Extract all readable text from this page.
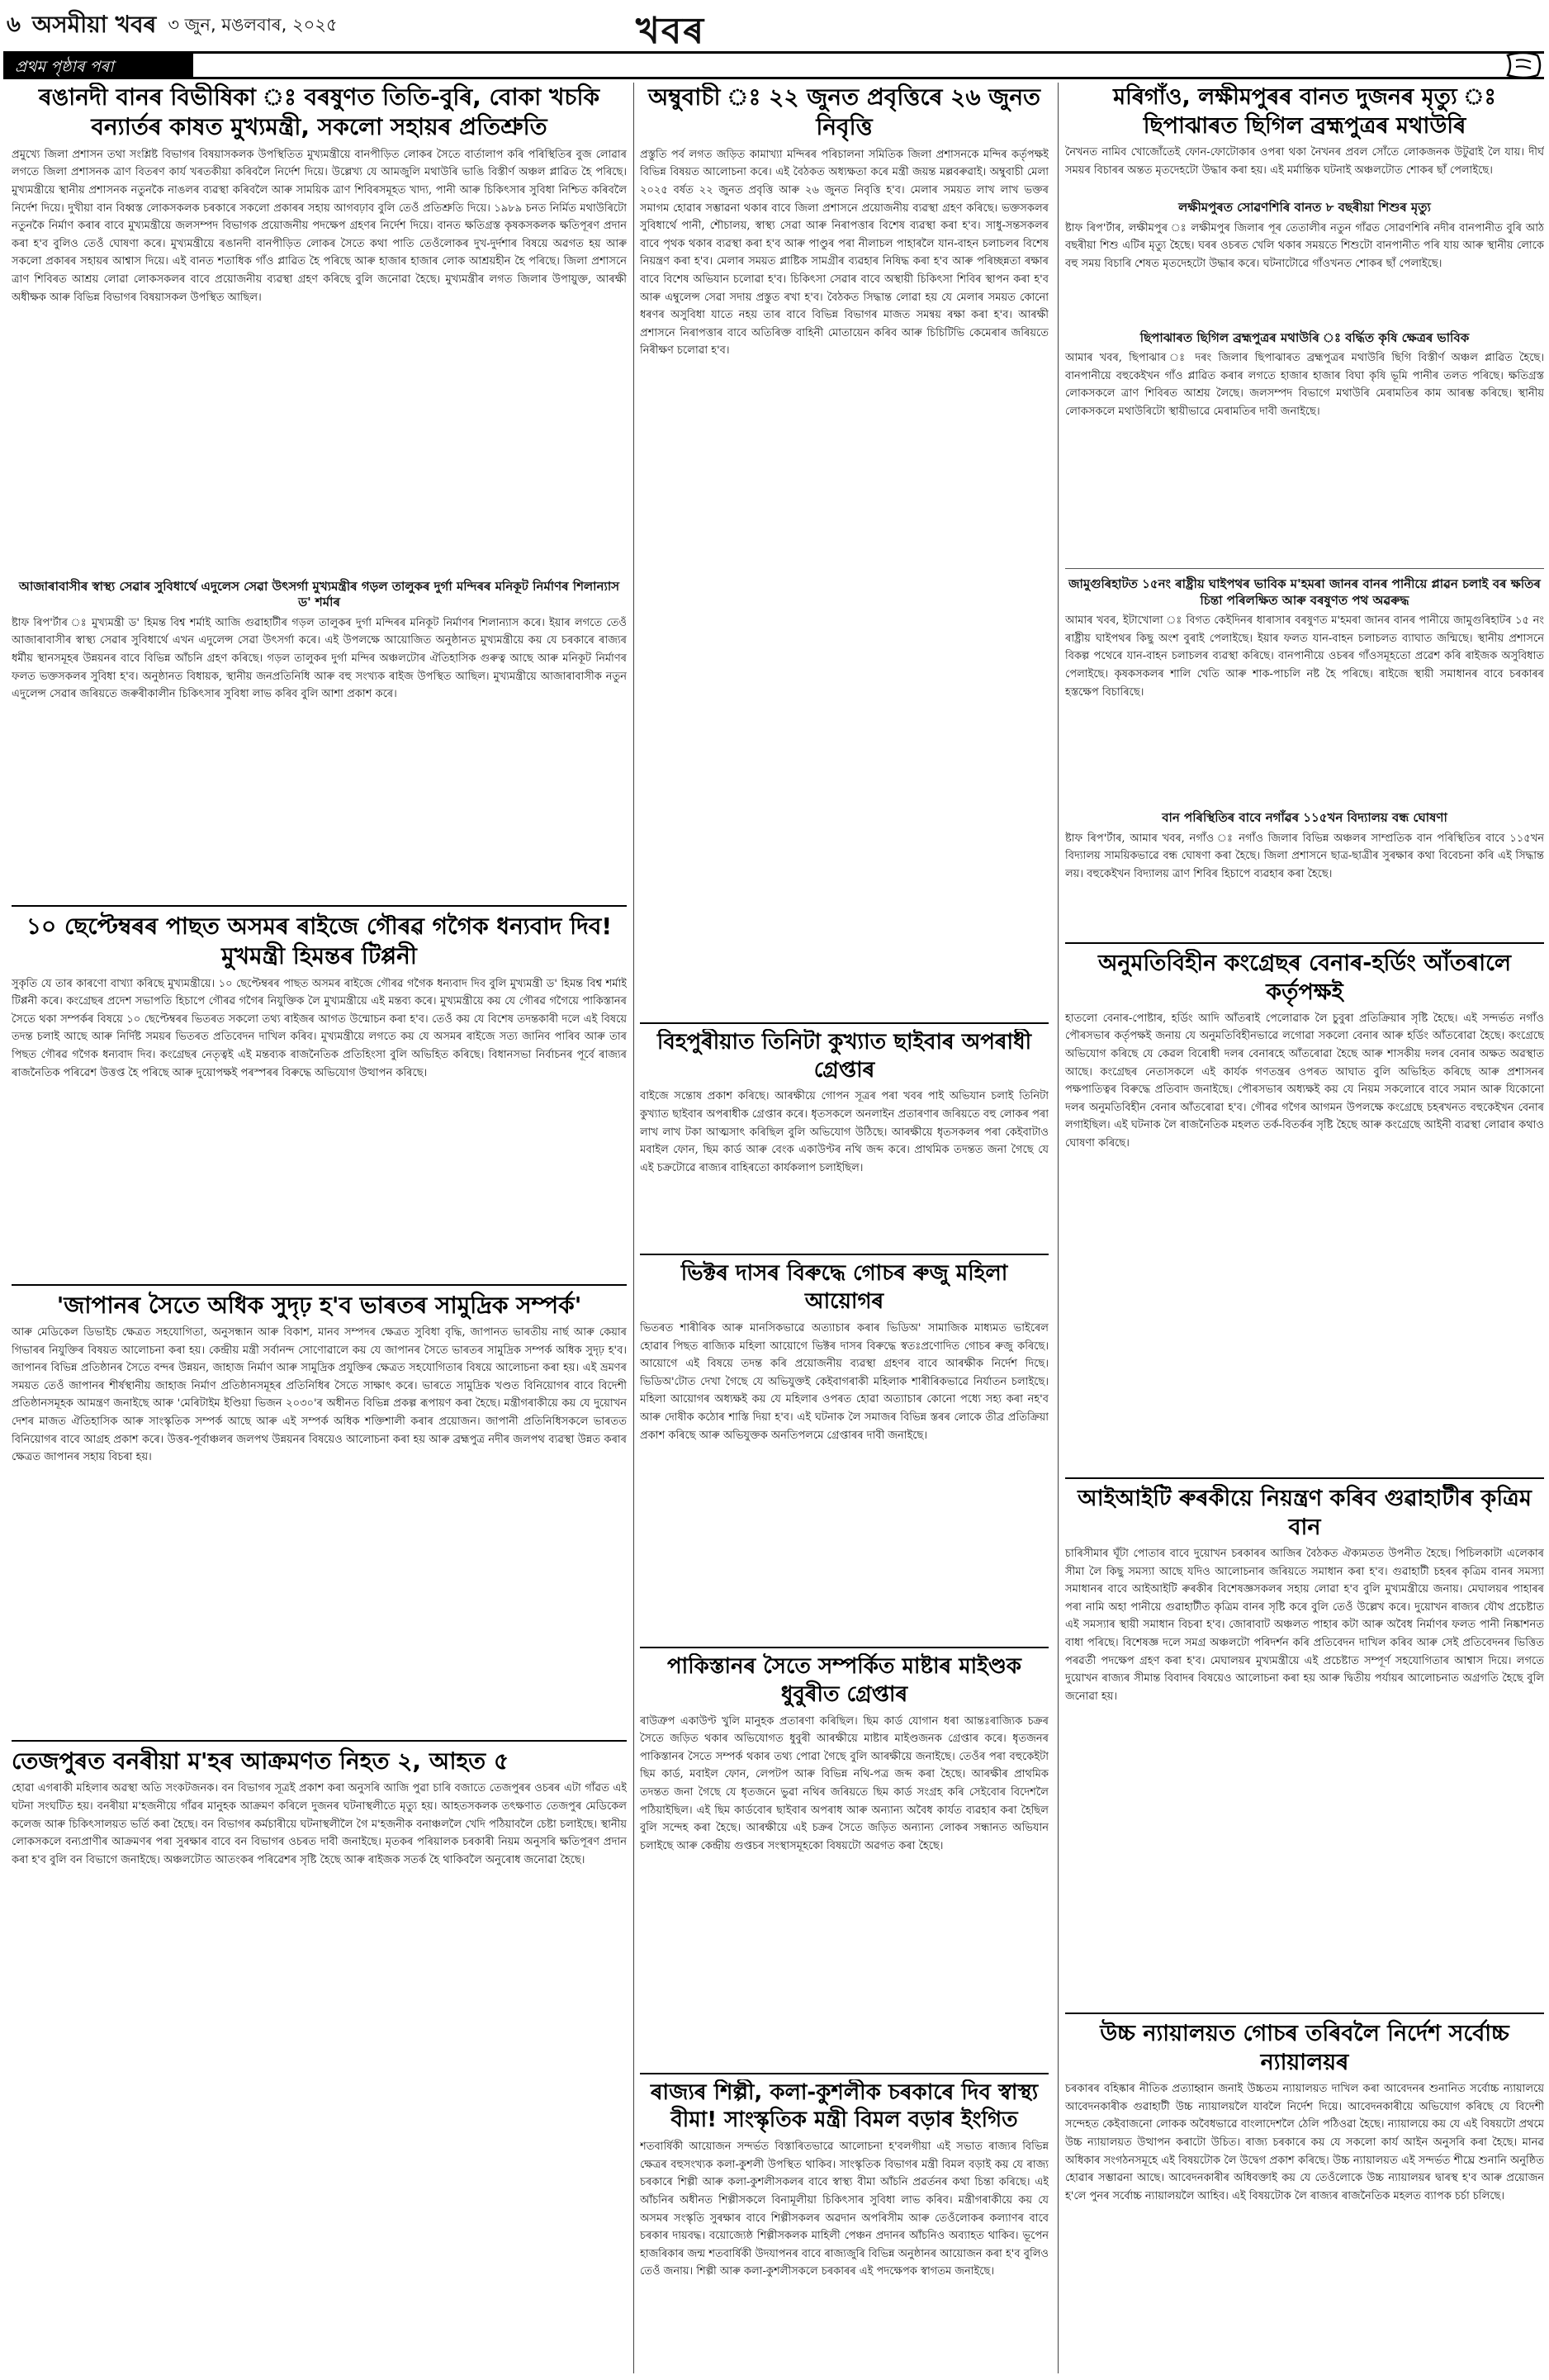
৬ অসমীয়া খবৰ ৩ জুন, মঙলবাৰ, ২০২৫	খবৰ
প্ৰথম পৃষ্ঠাৰ পৰা
ৰঙানদী বানৰ বিভীষিকা ঃ বৰষুণত তিতি-বুৰি, বোকা খচকি বন্যাৰ্তৰ কাষত মুখ্যমন্ত্ৰী, সকলো সহায়ৰ প্ৰতিশ্ৰুতি
প্ৰমুখ্যে জিলা প্ৰশাসন তথা সংশ্লিষ্ট বিভাগৰ বিষয়াসকলক উপস্থিতিত মুখ্যমন্ত্ৰীয়ে বানপীড়িত লোকৰ সৈতে বাৰ্তালাপ কৰি পৰিস্থিতিৰ বুজ লোৱাৰ লগতে জিলা প্ৰশাসনক ত্ৰাণ বিতৰণ কাৰ্য খৰতকীয়া কৰিবলৈ নিৰ্দেশ দিয়ে। উল্লেখ্য যে আমজুলি মথাউৰি ভাঙি বিস্তীৰ্ণ অঞ্চল প্লাৱিত হৈ পৰিছে। মুখ্যমন্ত্ৰীয়ে স্থানীয় প্ৰশাসনক নতুনকৈ নাঙলৰ ব্যৱস্থা কৰিবলৈ আৰু সাময়িক ত্ৰাণ শিবিৰসমূহত খাদ্য, পানী আৰু চিকিৎসাৰ সুবিধা নিশ্চিত কৰিবলৈ নিৰ্দেশ দিয়ে। দুখীয়া বান বিধ্বস্ত লোকসকলক চৰকাৰে সকলো প্ৰকাৰৰ সহায় আগবঢ়াব বুলি তেওঁ প্ৰতিশ্ৰুতি দিয়ে। ১৯৮৯ চনত নিৰ্মিত মথাউৰিটো নতুনকৈ নিৰ্মাণ কৰাৰ বাবে মুখ্যমন্ত্ৰীয়ে জলসম্পদ বিভাগক প্ৰয়োজনীয় পদক্ষেপ গ্ৰহণৰ নিৰ্দেশ দিয়ে। বানত ক্ষতিগ্ৰস্ত কৃষকসকলক ক্ষতিপূৰণ প্ৰদান কৰা হ'ব বুলিও তেওঁ ঘোষণা কৰে। মুখ্যমন্ত্ৰীয়ে ৰঙানদী বানপীড়িত লোকৰ সৈতে কথা পাতি তেওঁলোকৰ দুখ-দুৰ্দশাৰ বিষয়ে অৱগত হয় আৰু সকলো প্ৰকাৰৰ সহায়ৰ আশ্বাস দিয়ে। এই বানত শতাধিক গাঁও প্লাৱিত হৈ পৰিছে আৰু হাজাৰ হাজাৰ লোক আশ্ৰয়হীন হৈ পৰিছে। জিলা প্ৰশাসনে ত্ৰাণ শিবিৰত আশ্ৰয় লোৱা লোকসকলৰ বাবে প্ৰয়োজনীয় ব্যৱস্থা গ্ৰহণ কৰিছে বুলি জনোৱা হৈছে। মুখ্যমন্ত্ৰীৰ লগত জিলাৰ উপায়ুক্ত, আৰক্ষী অধীক্ষক আৰু বিভিন্ন বিভাগৰ বিষয়াসকল উপস্থিত আছিল।
আজাৰাবাসীৰ স্বাস্থ্য সেৱাৰ সুবিধাৰ্থে এদুলেস সেৱা উৎসৰ্গা মুখ্যমন্ত্ৰীৰ গড়ল তালুকৰ দুৰ্গা মন্দিৰৰ মনিকূট নিৰ্মাণৰ শিলান্যাস ড' শৰ্মাৰ
ষ্টাফ ৰিপ'ৰ্টাৰ ঃ মুখ্যমন্ত্ৰী ড' হিমন্ত বিশ্ব শৰ্মাই আজি গুৱাহাটীৰ গড়ল তালুকৰ দুৰ্গা মন্দিৰৰ মনিকূট নিৰ্মাণৰ শিলান্যাস কৰে। ইয়াৰ লগতে তেওঁ আজাৰাবাসীৰ স্বাস্থ্য সেৱাৰ সুবিধাৰ্থে এখন এদুলেন্স সেৱা উৎসৰ্গা কৰে। এই উপলক্ষে আয়োজিত অনুষ্ঠানত মুখ্যমন্ত্ৰীয়ে কয় যে চৰকাৰে ৰাজ্যৰ ধৰ্মীয় স্থানসমূহৰ উন্নয়নৰ বাবে বিভিন্ন আঁচনি গ্ৰহণ কৰিছে। গড়ল তালুকৰ দুৰ্গা মন্দিৰ অঞ্চলটোৰ ঐতিহাসিক গুৰুত্ব আছে আৰু মনিকূট নিৰ্মাণৰ ফলত ভক্তসকলৰ সুবিধা হ'ব। অনুষ্ঠানত বিধায়ক, স্থানীয় জনপ্ৰতিনিধি আৰু বহু সংখ্যক ৰাইজ উপস্থিত আছিল। মুখ্যমন্ত্ৰীয়ে আজাৰাবাসীক নতুন এদুলেন্স সেৱাৰ জৰিয়তে জৰুৰীকালীন চিকিৎসাৰ সুবিধা লাভ কৰিব বুলি আশা প্ৰকাশ কৰে।
১০ ছেপ্টেম্বৰৰ পাছত অসমৰ ৰাইজে গৌৰৱ গগৈক ধন্যবাদ দিব! মুখমন্ত্ৰী হিমন্তৰ টিপ্পনী
সুকৃতি যে তাৰ কাৰণো বাখ্যা কৰিছে মুখ্যমন্ত্ৰীয়ে। ১০ ছেপ্টেম্বৰৰ পাছত অসমৰ ৰাইজে গৌৰৱ গগৈক ধন্যবাদ দিব বুলি মুখ্যমন্ত্ৰী ড' হিমন্ত বিশ্ব শৰ্মাই টিপ্পনী কৰে। কংগ্ৰেছৰ প্ৰদেশ সভাপতি হিচাপে গৌৰৱ গগৈৰ নিযুক্তিক লৈ মুখ্যমন্ত্ৰীয়ে এই মন্তব্য কৰে। মুখ্যমন্ত্ৰীয়ে কয় যে গৌৰৱ গগৈয়ে পাকিস্তানৰ সৈতে থকা সম্পৰ্কৰ বিষয়ে ১০ ছেপ্টেম্বৰৰ ভিতৰত সকলো তথ্য ৰাইজৰ আগত উন্মোচন কৰা হ'ব। তেওঁ কয় যে বিশেষ তদন্তকাৰী দলে এই বিষয়ে তদন্ত চলাই আছে আৰু নিৰ্দিষ্ট সময়ৰ ভিতৰত প্ৰতিবেদন দাখিল কৰিব। মুখ্যমন্ত্ৰীয়ে লগতে কয় যে অসমৰ ৰাইজে সত্য জানিব পাৰিব আৰু তাৰ পিছত গৌৰৱ গগৈক ধন্যবাদ দিব। কংগ্ৰেছৰ নেতৃত্বই এই মন্তব্যক ৰাজনৈতিক প্ৰতিহিংসা বুলি অভিহিত কৰিছে। বিধানসভা নিৰ্বাচনৰ পূৰ্বে ৰাজ্যৰ ৰাজনৈতিক পৰিৱেশ উত্তপ্ত হৈ পৰিছে আৰু দুয়োপক্ষই পৰস্পৰৰ বিৰুদ্ধে অভিযোগ উত্থাপন কৰিছে।
'জাপানৰ সৈতে অধিক সুদৃঢ় হ'ব ভাৰতৰ সামুদ্ৰিক সম্পৰ্ক'
আৰু মেডিকেল ডিভাইচ ক্ষেত্ৰত সহযোগিতা, অনুসন্ধান আৰু বিকাশ, মানব সম্পদৰ ক্ষেত্ৰত সুবিধা বৃদ্ধি, জাপানত ভাৰতীয় নাৰ্ছ আৰু কেয়াৰ গিভাৰৰ নিযুক্তিৰ বিষয়ত আলোচনা কৰা হয়। কেন্দ্ৰীয় মন্ত্ৰী সৰ্বানন্দ সোণোৱালে কয় যে জাপানৰ সৈতে ভাৰতৰ সামুদ্ৰিক সম্পৰ্ক অধিক সুদৃঢ় হ'ব। জাপানৰ বিভিন্ন প্ৰতিষ্ঠানৰ সৈতে বন্দৰ উন্নয়ন, জাহাজ নিৰ্মাণ আৰু সামুদ্ৰিক প্ৰযুক্তিৰ ক্ষেত্ৰত সহযোগিতাৰ বিষয়ে আলোচনা কৰা হয়। এই ভ্ৰমণৰ সময়ত তেওঁ জাপানৰ শীৰ্ষস্থানীয় জাহাজ নিৰ্মাণ প্ৰতিষ্ঠানসমূহৰ প্ৰতিনিধিৰ সৈতে সাক্ষাৎ কৰে। ভাৰতে সামুদ্ৰিক খণ্ডত বিনিয়োগৰ বাবে বিদেশী প্ৰতিষ্ঠানসমূহক আমন্ত্ৰণ জনাইছে আৰু 'মেৰিটাইম ইণ্ডিয়া ভিজন ২০৩০'ৰ অধীনত বিভিন্ন প্ৰকল্প ৰূপায়ণ কৰা হৈছে। মন্ত্ৰীগৰাকীয়ে কয় যে দুয়োখন দেশৰ মাজত ঐতিহাসিক আৰু সাংস্কৃতিক সম্পৰ্ক আছে আৰু এই সম্পৰ্ক অধিক শক্তিশালী কৰাৰ প্ৰয়োজন। জাপানী প্ৰতিনিধিসকলে ভাৰতত বিনিয়োগৰ বাবে আগ্ৰহ প্ৰকাশ কৰে। উত্তৰ-পূৰ্বাঞ্চলৰ জলপথ উন্নয়নৰ বিষয়েও আলোচনা কৰা হয় আৰু ব্ৰহ্মপুত্ৰ নদীৰ জলপথ ব্যৱস্থা উন্নত কৰাৰ ক্ষেত্ৰত জাপানৰ সহায় বিচৰা হয়।
তেজপুৰত বনৰীয়া ম'হৰ আক্ৰমণত নিহত ২, আহত ৫
হোৱা এগৰাকী মহিলাৰ অৱস্থা অতি সংকটজনক। বন বিভাগৰ সূত্ৰই প্ৰকাশ কৰা অনুসৰি আজি পুৱা চাৰি বজাতে তেজপুৰৰ ওচৰৰ এটা গাঁৱত এই ঘটনা সংঘটিত হয়। বনৰীয়া ম'হজনীয়ে গাঁৱৰ মানুহক আক্ৰমণ কৰিলে দুজনৰ ঘটনাস্থলীতে মৃত্যু হয়। আহতসকলক তৎক্ষণাত তেজপুৰ মেডিকেল কলেজ আৰু চিকিৎসালয়ত ভৰ্তি কৰা হৈছে। বন বিভাগৰ কৰ্মচাৰীয়ে ঘটনাস্থলীলৈ গৈ ম'হজনীক বনাঞ্চললৈ খেদি পঠিয়াবলৈ চেষ্টা চলাইছে। স্থানীয় লোকসকলে বন্যপ্ৰাণীৰ আক্ৰমণৰ পৰা সুৰক্ষাৰ বাবে বন বিভাগৰ ওচৰত দাবী জনাইছে। মৃতকৰ পৰিয়ালক চৰকাৰী নিয়ম অনুসৰি ক্ষতিপূৰণ প্ৰদান কৰা হ'ব বুলি বন বিভাগে জনাইছে। অঞ্চলটোত আতংকৰ পৰিৱেশৰ সৃষ্টি হৈছে আৰু ৰাইজক সতৰ্ক হৈ থাকিবলৈ অনুৰোধ জনোৱা হৈছে।
অম্বুবাচী ঃ ২২ জুনত প্ৰবৃত্তিৰে ২৬ জুনত নিবৃত্তি
প্ৰস্তুতি পৰ্ব লগত জড়িত কামাখ্যা মন্দিৰৰ পৰিচালনা সমিতিক জিলা প্ৰশাসনকে মন্দিৰ কৰ্তৃপক্ষই বিভিন্ন বিষয়ত আলোচনা কৰে। এই বৈঠকত অধ্যক্ষতা কৰে মন্ত্ৰী জয়ন্ত মল্লবৰুৱাই। অম্বুবাচী মেলা ২০২৫ বৰ্ষত ২২ জুনত প্ৰবৃত্তি আৰু ২৬ জুনত নিবৃত্তি হ'ব। মেলাৰ সময়ত লাখ লাখ ভক্তৰ সমাগম হোৱাৰ সম্ভাৱনা থকাৰ বাবে জিলা প্ৰশাসনে প্ৰয়োজনীয় ব্যৱস্থা গ্ৰহণ কৰিছে। ভক্তসকলৰ সুবিধাৰ্থে পানী, শৌচালয়, স্বাস্থ্য সেৱা আৰু নিৰাপত্তাৰ বিশেষ ব্যৱস্থা কৰা হ'ব। সাধু-সন্তসকলৰ বাবে পৃথক থকাৰ ব্যৱস্থা কৰা হ'ব আৰু পাণ্ডুৰ পৰা নীলাচল পাহাৰলৈ যান-বাহন চলাচলৰ বিশেষ নিয়ন্ত্ৰণ কৰা হ'ব। মেলাৰ সময়ত প্লাষ্টিক সামগ্ৰীৰ ব্যৱহাৰ নিষিদ্ধ কৰা হ'ব আৰু পৰিচ্ছন্নতা ৰক্ষাৰ বাবে বিশেষ অভিযান চলোৱা হ'ব। চিকিৎসা সেৱাৰ বাবে অস্থায়ী চিকিৎসা শিবিৰ স্থাপন কৰা হ'ব আৰু এম্বুলেন্স সেৱা সদায় প্ৰস্তুত ৰখা হ'ব। বৈঠকত সিদ্ধান্ত লোৱা হয় যে মেলাৰ সময়ত কোনো ধৰণৰ অসুবিধা যাতে নহয় তাৰ বাবে বিভিন্ন বিভাগৰ মাজত সমন্বয় ৰক্ষা কৰা হ'ব। আৰক্ষী প্ৰশাসনে নিৰাপত্তাৰ বাবে অতিৰিক্ত বাহিনী মোতায়েন কৰিব আৰু চিচিটিভি কেমেৰাৰ জৰিয়তে নিৰীক্ষণ চলোৱা হ'ব।
বিহপুৰীয়াত তিনিটা কুখ্যাত ছাইবাৰ অপৰাধী গ্ৰেপ্তাৰ
বাইজে সন্তোষ প্ৰকাশ কৰিছে। আৰক্ষীয়ে গোপন সূত্ৰৰ পৰা খবৰ পাই অভিযান চলাই তিনিটা কুখ্যাত ছাইবাৰ অপৰাধীক গ্ৰেপ্তাৰ কৰে। ধৃতসকলে অনলাইন প্ৰতাৰণাৰ জৰিয়তে বহু লোকৰ পৰা লাখ লাখ টকা আত্মসাৎ কৰিছিল বুলি অভিযোগ উঠিছে। আৰক্ষীয়ে ধৃতসকলৰ পৰা কেইবাটাও মবাইল ফোন, ছিম কাৰ্ড আৰু বেংক একাউণ্টৰ নথি জব্দ কৰে। প্ৰাথমিক তদন্তত জনা গৈছে যে এই চক্ৰটোৱে ৰাজ্যৰ বাহিৰতো কাৰ্যকলাপ চলাইছিল।
ভিক্টৰ দাসৰ বিৰুদ্ধে গোচৰ ৰুজু মহিলা আয়োগৰ
ভিতৰত শাৰীৰিক আৰু মানসিকভাৱে অত্যাচাৰ কৰাৰ ভিডিঅ' সামাজিক মাধ্যমত ভাইৰেল হোৱাৰ পিছত ৰাজ্যিক মহিলা আয়োগে ভিক্টৰ দাসৰ বিৰুদ্ধে স্বতঃপ্ৰণোদিত গোচৰ ৰুজু কৰিছে। আয়োগে এই বিষয়ে তদন্ত কৰি প্ৰয়োজনীয় ব্যৱস্থা গ্ৰহণৰ বাবে আৰক্ষীক নিৰ্দেশ দিছে। ভিডিঅ'টোত দেখা গৈছে যে অভিযুক্তই কেইবাগৰাকী মহিলাক শাৰীৰিকভাৱে নিৰ্যাতন চলাইছে। মহিলা আয়োগৰ অধ্যক্ষই কয় যে মহিলাৰ ওপৰত হোৱা অত্যাচাৰ কোনো পধ্যে সহ্য কৰা নহ'ব আৰু দোষীক কঠোৰ শাস্তি দিয়া হ'ব। এই ঘটনাক লৈ সমাজৰ বিভিন্ন স্তৰৰ লোকে তীব্ৰ প্ৰতিক্ৰিয়া প্ৰকাশ কৰিছে আৰু অভিযুক্তক অনতিপলমে গ্ৰেপ্তাৰৰ দাবী জনাইছে।
পাকিস্তানৰ সৈতে সম্পৰ্কিত মাষ্টাৰ মাইণ্ডক ধুবুৰীত গ্ৰেপ্তাৰ
ৰাউত্ৰুপ একাউণ্ট খুলি মানুহক প্ৰতাৰণা কৰিছিল। ছিম কাৰ্ড যোগান ধৰা আন্তঃৰাজ্যিক চক্ৰৰ সৈতে জড়িত থকাৰ অভিযোগত ধুবুৰী আৰক্ষীয়ে মাষ্টাৰ মাইণ্ডজনক গ্ৰেপ্তাৰ কৰে। ধৃতজনৰ পাকিস্তানৰ সৈতে সম্পৰ্ক থকাৰ তথ্য পোৱা গৈছে বুলি আৰক্ষীয়ে জনাইছে। তেওঁৰ পৰা বহুকেইটা ছিম কাৰ্ড, মবাইল ফোন, লেপটপ আৰু বিভিন্ন নথি-পত্ৰ জব্দ কৰা হৈছে। আৰক্ষীৰ প্ৰাথমিক তদন্তত জনা গৈছে যে ধৃতজনে ভুৱা নথিৰ জৰিয়তে ছিম কাৰ্ড সংগ্ৰহ কৰি সেইবোৰ বিদেশলৈ পঠিয়াইছিল। এই ছিম কাৰ্ডবোৰ ছাইবাৰ অপৰাধ আৰু অন্যান্য অবৈধ কাৰ্যত ব্যৱহাৰ কৰা হৈছিল বুলি সন্দেহ কৰা হৈছে। আৰক্ষীয়ে এই চক্ৰৰ সৈতে জড়িত অন্যান্য লোকৰ সন্ধানত অভিযান চলাইছে আৰু কেন্দ্ৰীয় গুপ্তচৰ সংস্থাসমূহকো বিষয়টো অৱগত কৰা হৈছে।
ৰাজ্যৰ শিল্পী, কলা-কুশলীক চৰকাৰে দিব স্বাস্থ্য বীমা! সাংস্কৃতিক মন্ত্ৰী বিমল বড়াৰ ইংগিত
শতবাৰ্ষিকী আয়োজন সন্দৰ্ভত বিস্তাৰিতভাৱে আলোচনা হ'বলগীয়া এই সভাত ৰাজ্যৰ বিভিন্ন ক্ষেত্ৰৰ বহুসংখ্যক কলা-কুশলী উপস্থিত থাকিব। সাংস্কৃতিক বিভাগৰ মন্ত্ৰী বিমল বড়াই কয় যে ৰাজ্য চৰকাৰে শিল্পী আৰু কলা-কুশলীসকলৰ বাবে স্বাস্থ্য বীমা আঁচনি প্ৰৱৰ্তনৰ কথা চিন্তা কৰিছে। এই আঁচনিৰ অধীনত শিল্পীসকলে বিনামূলীয়া চিকিৎসাৰ সুবিধা লাভ কৰিব। মন্ত্ৰীগৰাকীয়ে কয় যে অসমৰ সংস্কৃতি সুৰক্ষাৰ বাবে শিল্পীসকলৰ অৱদান অপৰিসীম আৰু তেওঁলোকৰ কল্যাণৰ বাবে চৰকাৰ দায়বদ্ধ। বয়োজ্যেষ্ঠ শিল্পীসকলক মাহিলী পেঞ্চন প্ৰদানৰ আঁচনিও অব্যাহত থাকিব। ভূপেন হাজৰিকাৰ জন্ম শতবাৰ্ষিকী উদযাপনৰ বাবে ৰাজ্যজুৰি বিভিন্ন অনুষ্ঠানৰ আয়োজন কৰা হ'ব বুলিও তেওঁ জনায়। শিল্পী আৰু কলা-কুশলীসকলে চৰকাৰৰ এই পদক্ষেপক স্বাগতম জনাইছে।
মৰিগাঁও, লক্ষীমপুৰৰ বানত দুজনৰ মৃত্যু ঃ ছিপাঝাৰত ছিগিল ব্ৰহ্মপুত্ৰৰ মথাউৰি
নৈখনত নামিব খোজোঁতেই ফোন-ফোটোকাৰ ওপৰা থকা নৈখনৰ প্ৰবল সোঁতে লোকজনক উটুৱাই লৈ যায়। দীৰ্ঘ সময়ৰ বিচাৰৰ অন্তত মৃতদেহটো উদ্ধাৰ কৰা হয়। এই মৰ্মান্তিক ঘটনাই অঞ্চলটোত শোকৰ ছাঁ পেলাইছে।
লক্ষীমপুৰত সোৱণশিৰি বানত ৮ বছৰীয়া শিশুৰ মৃত্যু
ষ্টাফ ৰিপ'ৰ্টাৰ, লক্ষীমপুৰ ঃ লক্ষীমপুৰ জিলাৰ পূৰ তেতালীৰ নতুন গাঁৱত সোৱণশিৰি নদীৰ বানপানীত বুৰি আঠ বছৰীয়া শিশু এটিৰ মৃত্যু হৈছে। ঘৰৰ ওচৰত খেলি থকাৰ সময়তে শিশুটো বানপানীত পৰি যায় আৰু স্থানীয় লোকে বহু সময় বিচাৰি শেষত মৃতদেহটো উদ্ধাৰ কৰে। ঘটনাটোৱে গাঁওখনত শোকৰ ছাঁ পেলাইছে।
ছিপাঝাৰত ছিগিল ব্ৰহ্মপুত্ৰৰ মথাউৰি ঃ বৰ্দ্ধিত কৃষি ক্ষেত্ৰৰ ভাবিক
আমাৰ খবৰ, ছিপাঝাৰ ঃ দৰং জিলাৰ ছিপাঝাৰত ব্ৰহ্মপুত্ৰৰ মথাউৰি ছিগি বিস্তীৰ্ণ অঞ্চল প্লাৱিত হৈছে। বানপানীয়ে বহুকেইখন গাঁও প্লাৱিত কৰাৰ লগতে হাজাৰ হাজাৰ বিঘা কৃষি ভূমি পানীৰ তলত পৰিছে। ক্ষতিগ্ৰস্ত লোকসকলে ত্ৰাণ শিবিৰত আশ্ৰয় লৈছে। জলসম্পদ বিভাগে মথাউৰি মেৰামতিৰ কাম আৰম্ভ কৰিছে। স্থানীয় লোকসকলে মথাউৰিটো স্থায়ীভাৱে মেৰামতিৰ দাবী জনাইছে।
জামুগুৰিহাটত ১৫নং ৰাষ্ট্ৰীয় ঘাইপথৰ ভাবিক ম'হমৰা জানৰ বানৰ পানীয়ে প্লাৱন চলাই বৰ ক্ষতিৰ চিন্তা পৰিলক্ষিত আৰু বৰষুণত পথ অৱৰুদ্ধ
আমাৰ খবৰ, ইটাখোলা ঃ বিগত কেইদিনৰ ধাৰাসাৰ বৰষুণত ম'হমৰা জানৰ বানৰ পানীয়ে জামুগুৰিহাটৰ ১৫ নং ৰাষ্ট্ৰীয় ঘাইপথৰ কিছু অংশ বুৰাই পেলাইছে। ইয়াৰ ফলত যান-বাহন চলাচলত ব্যাঘাত জন্মিছে। স্থানীয় প্ৰশাসনে বিকল্প পথেৰে যান-বাহন চলাচলৰ ব্যৱস্থা কৰিছে। বানপানীয়ে ওচৰৰ গাঁওসমূহতো প্ৰৱেশ কৰি ৰাইজক অসুবিধাত পেলাইছে। কৃষকসকলৰ শালি খেতি আৰু শাক-পাচলি নষ্ট হৈ পৰিছে। ৰাইজে স্থায়ী সমাধানৰ বাবে চৰকাৰৰ হস্তক্ষেপ বিচাৰিছে।
বান পৰিস্থিতিৰ বাবে নগাঁৱৰ ১১৫খন বিদ্যালয় বন্ধ ঘোষণা
ষ্টাফ ৰিপ'ৰ্টাৰ, আমাৰ খবৰ, নগাঁও ঃ নগাঁও জিলাৰ বিভিন্ন অঞ্চলৰ সাম্প্ৰতিক বান পৰিস্থিতিৰ বাবে ১১৫খন বিদ্যালয় সাময়িকভাৱে বন্ধ ঘোষণা কৰা হৈছে। জিলা প্ৰশাসনে ছাত্ৰ-ছাত্ৰীৰ সুৰক্ষাৰ কথা বিবেচনা কৰি এই সিদ্ধান্ত লয়। বহুকেইখন বিদ্যালয় ত্ৰাণ শিবিৰ হিচাপে ব্যৱহাৰ কৰা হৈছে।
অনুমতিবিহীন কংগ্ৰেছৰ বেনাৰ-হৰ্ডিং আঁতৰালে কৰ্তৃপক্ষই
হাতলো বেনাৰ-পোষ্টাৰ, হৰ্ডিং আদি আঁতৰাই পেলোৱাক লৈ চুবুৰা প্ৰতিক্ৰিয়াৰ সৃষ্টি হৈছে। এই সন্দৰ্ভত নগাঁও পৌৰসভাৰ কৰ্তৃপক্ষই জনায় যে অনুমতিবিহীনভাৱে লগোৱা সকলো বেনাৰ আৰু হৰ্ডিং আঁতৰোৱা হৈছে। কংগ্ৰেছে অভিযোগ কৰিছে যে কেৱল বিৰোধী দলৰ বেনাৰহে আঁতৰোৱা হৈছে আৰু শাসকীয় দলৰ বেনাৰ অক্ষত অৱস্থাত আছে। কংগ্ৰেছৰ নেতাসকলে এই কাৰ্যক গণতন্ত্ৰৰ ওপৰত আঘাত বুলি অভিহিত কৰিছে আৰু প্ৰশাসনৰ পক্ষপাতিত্বৰ বিৰুদ্ধে প্ৰতিবাদ জনাইছে। পৌৰসভাৰ অধ্যক্ষই কয় যে নিয়ম সকলোৰে বাবে সমান আৰু যিকোনো দলৰ অনুমতিবিহীন বেনাৰ আঁতৰোৱা হ'ব। গৌৰৱ গগৈৰ আগমন উপলক্ষে কংগ্ৰেছে চহৰখনত বহুকেইখন বেনাৰ লগাইছিল। এই ঘটনাক লৈ ৰাজনৈতিক মহলত তৰ্ক-বিতৰ্কৰ সৃষ্টি হৈছে আৰু কংগ্ৰেছে আইনী ব্যৱস্থা লোৱাৰ কথাও ঘোষণা কৰিছে।
আইআইটি ৰুৰকীয়ে নিয়ন্ত্ৰণ কৰিব গুৱাহাটীৰ কৃত্ৰিম বান
চাৰিসীমাৰ ঘূঁটা পোতাৰ বাবে দুয়োখন চৰকাৰৰ আজিৰ বৈঠকত ঐক্যমতত উপনীত হৈছে। পিচিলকাটা এলেকাৰ সীমা লৈ কিছু সমস্যা আছে যদিও আলোচনাৰ জৰিয়তে সমাধান কৰা হ'ব। গুৱাহাটী চহৰৰ কৃত্ৰিম বানৰ সমস্যা সমাধানৰ বাবে আইআইটি ৰুৰকীৰ বিশেষজ্ঞসকলৰ সহায় লোৱা হ'ব বুলি মুখ্যমন্ত্ৰীয়ে জনায়। মেঘালয়ৰ পাহাৰৰ পৰা নামি অহা পানীয়ে গুৱাহাটীত কৃত্ৰিম বানৰ সৃষ্টি কৰে বুলি তেওঁ উল্লেখ কৰে। দুয়োখন ৰাজ্যৰ যৌথ প্ৰচেষ্টাত এই সমস্যাৰ স্থায়ী সমাধান বিচৰা হ'ব। জোৰাবাট অঞ্চলত পাহাৰ কটা আৰু অবৈধ নিৰ্মাণৰ ফলত পানী নিষ্কাশনত বাধা পৰিছে। বিশেষজ্ঞ দলে সমগ্ৰ অঞ্চলটো পৰিদৰ্শন কৰি প্ৰতিবেদন দাখিল কৰিব আৰু সেই প্ৰতিবেদনৰ ভিত্তিত পৰৱৰ্তী পদক্ষেপ গ্ৰহণ কৰা হ'ব। মেঘালয়ৰ মুখ্যমন্ত্ৰীয়ে এই প্ৰচেষ্টাত সম্পূৰ্ণ সহযোগিতাৰ আশ্বাস দিয়ে। লগতে দুয়োখন ৰাজ্যৰ সীমান্ত বিবাদৰ বিষয়েও আলোচনা কৰা হয় আৰু দ্বিতীয় পৰ্যায়ৰ আলোচনাত অগ্ৰগতি হৈছে বুলি জনোৱা হয়।
উচ্চ ন্যায়ালয়ত গোচৰ তৰিবলৈ নিৰ্দেশ সৰ্বোচ্চ ন্যায়ালয়ৰ
চৰকাৰৰ বহিষ্কাৰ নীতিক প্ৰত্যাহ্বান জনাই উচ্চতম ন্যায়ালয়ত দাখিল কৰা আবেদনৰ শুনানিত সৰ্বোচ্চ ন্যায়ালয়ে আবেদনকাৰীক গুৱাহাটী উচ্চ ন্যায়ালয়লৈ যাবলৈ নিৰ্দেশ দিয়ে। আবেদনকাৰীয়ে অভিযোগ কৰিছে যে বিদেশী সন্দেহত কেইবাজনো লোকক অবৈধভাৱে বাংলাদেশলৈ ঠেলি পঠিওৱা হৈছে। ন্যায়ালয়ে কয় যে এই বিষয়টো প্ৰথমে উচ্চ ন্যায়ালয়ত উত্থাপন কৰাটো উচিত। ৰাজ্য চৰকাৰে কয় যে সকলো কাৰ্য আইন অনুসৰি কৰা হৈছে। মানৱ অধিকাৰ সংগঠনসমূহে এই বিষয়টোক লৈ উদ্বেগ প্ৰকাশ কৰিছে। উচ্চ ন্যায়ালয়ত এই সন্দৰ্ভত শীঘ্ৰে শুনানি অনুষ্ঠিত হোৱাৰ সম্ভাৱনা আছে। আবেদনকাৰীৰ অধিবক্তাই কয় যে তেওঁলোকে উচ্চ ন্যায়ালয়ৰ দ্বাৰস্থ হ'ব আৰু প্ৰয়োজন হ'লে পুনৰ সৰ্বোচ্চ ন্যায়ালয়লৈ আহিব। এই বিষয়টোক লৈ ৰাজ্যৰ ৰাজনৈতিক মহলত ব্যাপক চৰ্চা চলিছে।
